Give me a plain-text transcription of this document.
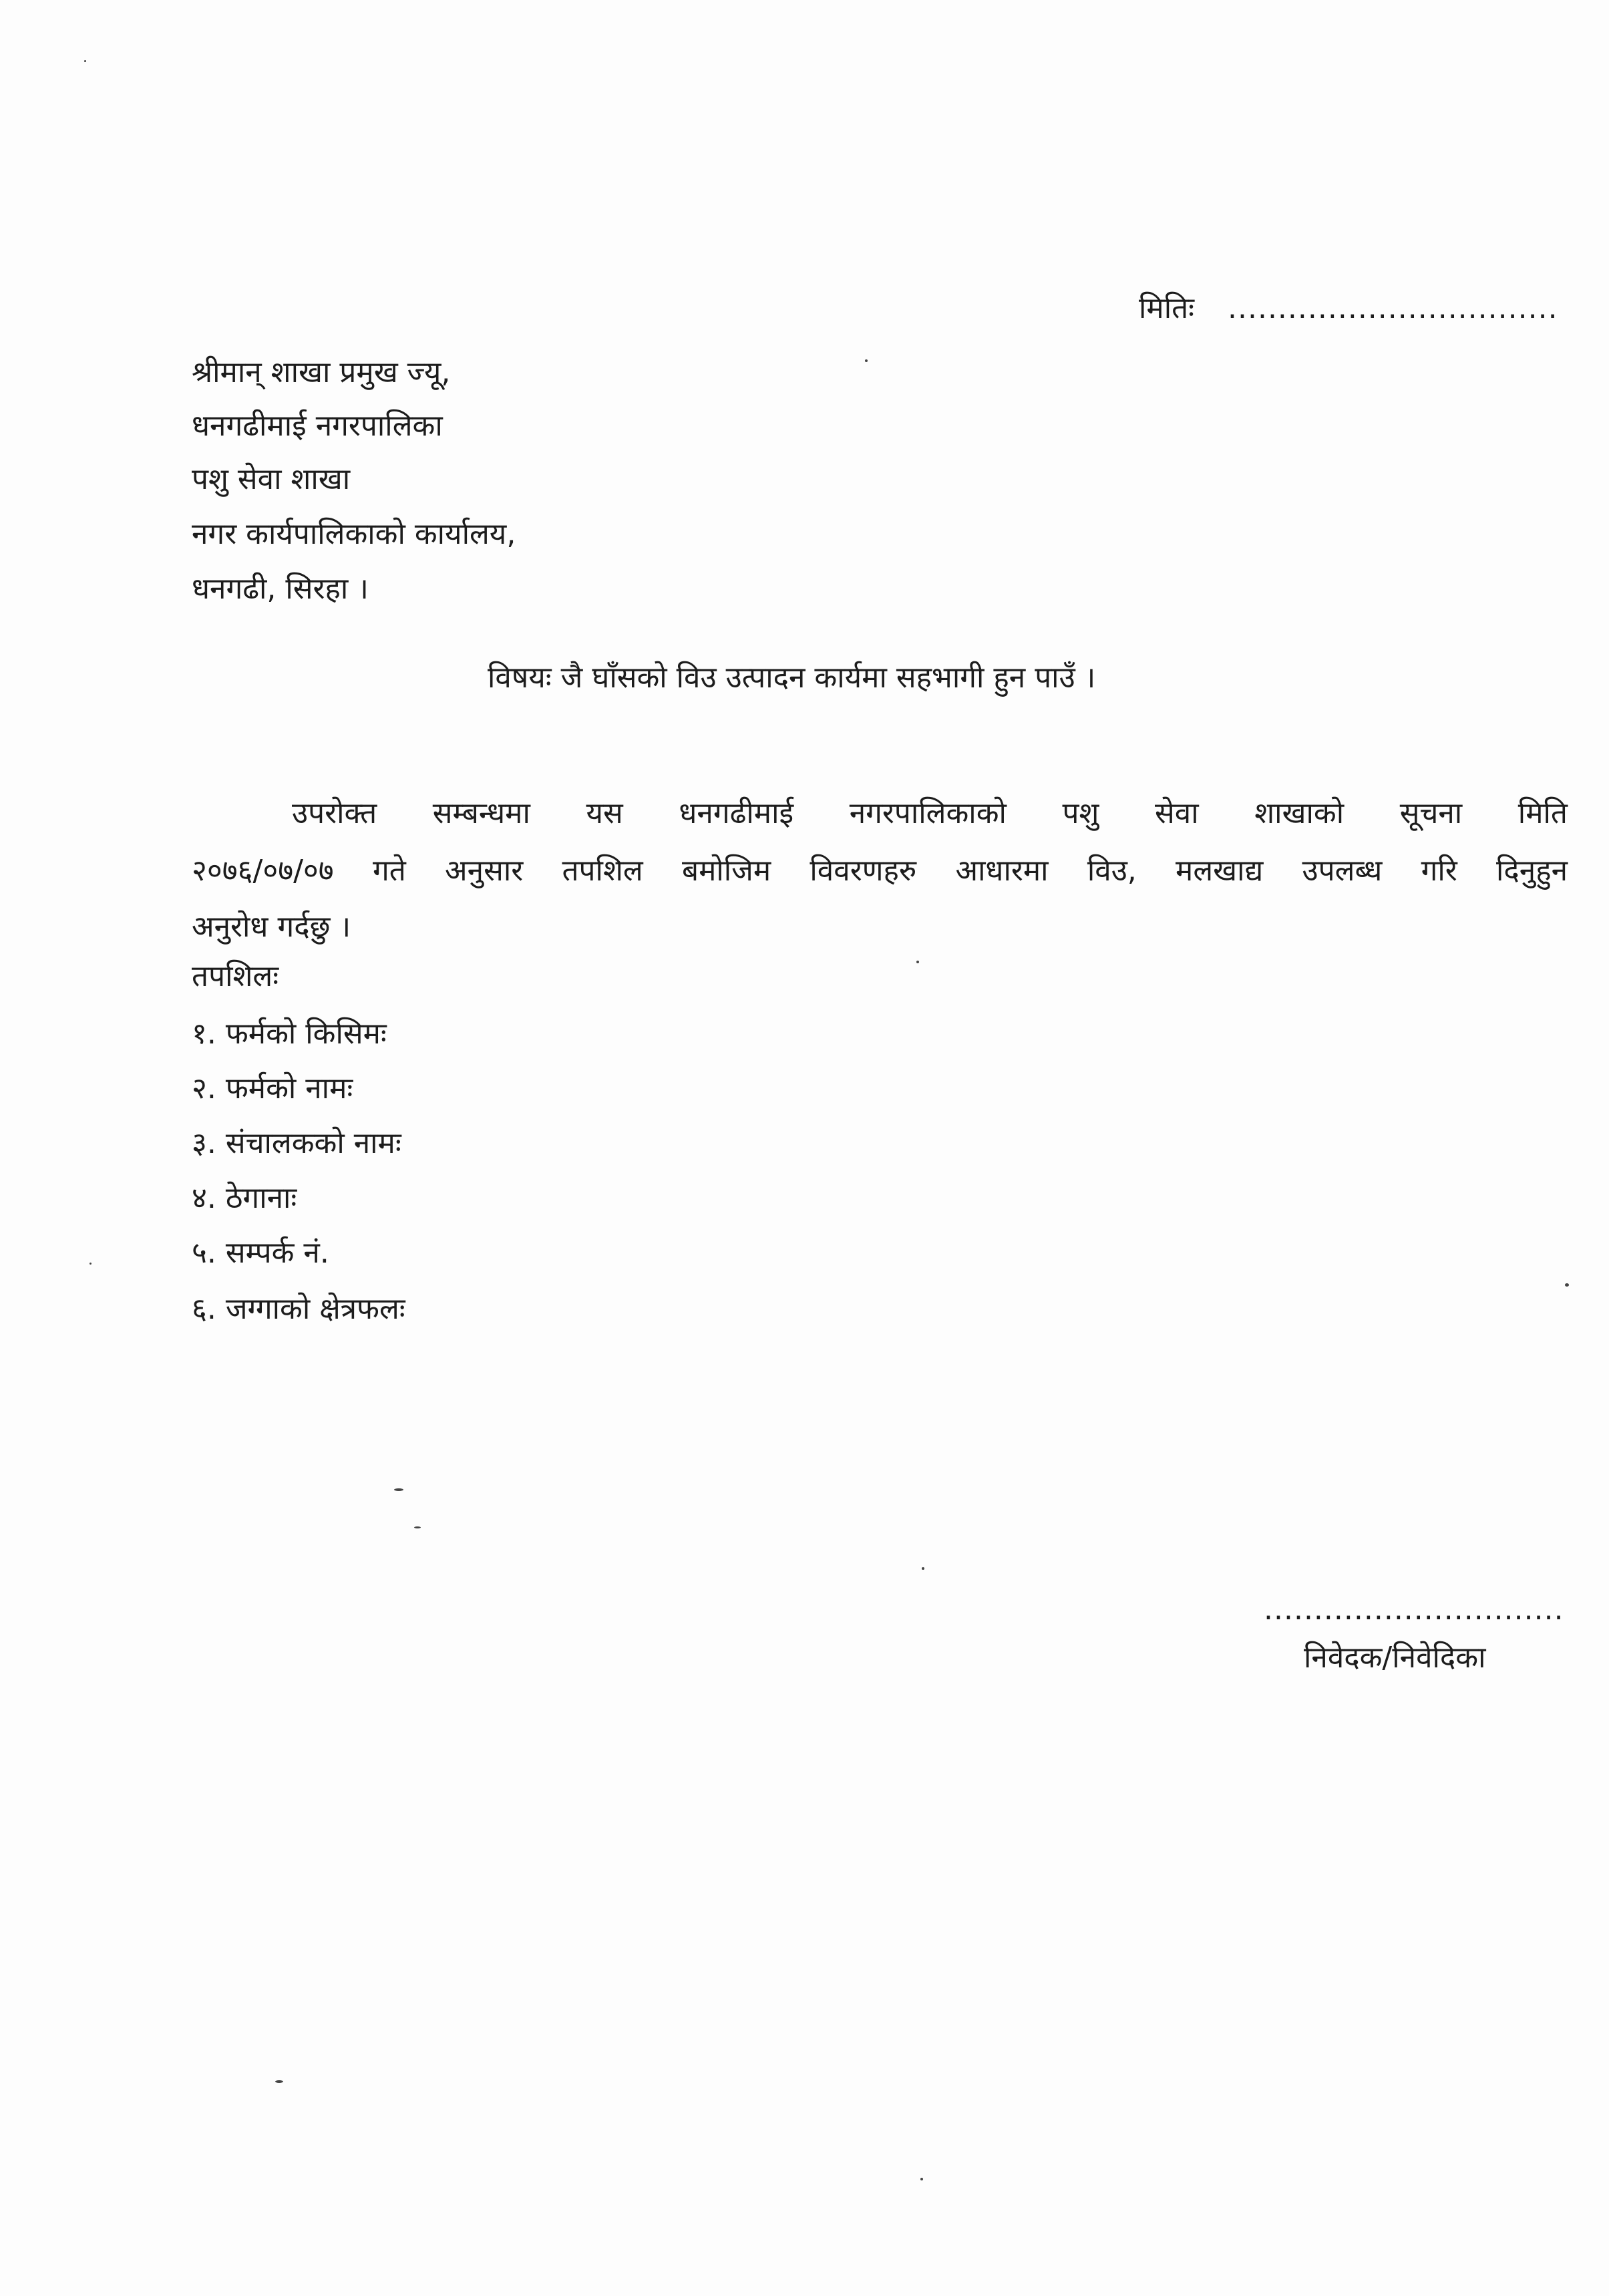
मितिः .................................
श्रीमान् शाखा प्रमुख ज्यू,
धनगढीमाई नगरपालिका
पशु सेवा शाखा
नगर कार्यपालिकाको कार्यालय,
धनगढी, सिरहा ।
विषयः जै घाँसको विउ उत्पादन कार्यमा सहभागी हुन पाउँ ।
उपरोक्त सम्बन्धमा यस धनगढीमाई नगरपालिकाको पशु सेवा शाखाको सूचना मिति
२०७६/०७/०७ गते अनुसार तपशिल बमोजिम विवरणहरु आधारमा विउ, मलखाद्य उपलब्ध गरि दिनुहुन
अनुरोध गर्दछु ।
तपशिलः
१. फर्मको किसिमः
२. फर्मको नामः
३. संचालकको नामः
४. ठेगानाः
५. सम्पर्क नं.
६. जग्गाको क्षेत्रफलः
..............................
निवेदक/निवेदिका
